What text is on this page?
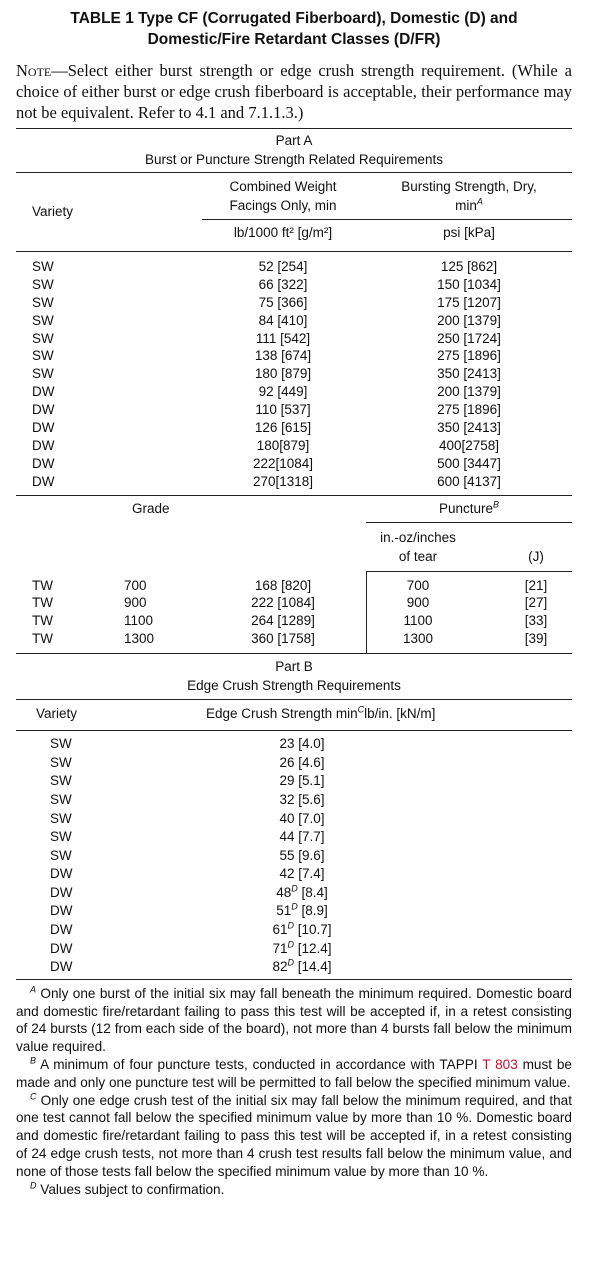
TABLE 1 Type CF (Corrugated Fiberboard), Domestic (D) and
Domestic/Fire Retardant Classes (D/FR)
Note—Select either burst strength or edge crush strength requirement. (While a choice of either burst or edge crush fiberboard is acceptable, their performance may not be equivalent. Refer to 4.1 and 7.1.1.3.)
Part A
Burst or Puncture Strength Related Requirements
Variety
Combined Weight
Facings Only, min
Bursting Strength, Dry,
$\min^A$
lb/1000 ft² [g/m²]	psi [kPa]
SW	52 [254]	125 [862]
SW	66 [322]	150 [1034]
SW	75 [366]	175 [1207]
SW	84 [410]	200 [1379]
SW	111 [542]	250 [1724]
SW	138 [674]	275 [1896]
SW	180 [879]	350 [2413]
DW	92 [449]	200 [1379]
DW	110 [537]	275 [1896]
DW	126 [615]	350 [2413]
DW	180[879]	400[2758]
DW	222[1084]	500 [3447]
DW	270[1318]	600 [4137]
Grade	Puncture$^B$
in.-oz/inches
of tear	(J)
TW	700	168 [820]	700	[21]
TW	900	222 [1084]	900	[27]
TW	1100	264 [1289]	1100	[33]
TW	1300	360 [1758]	1300	[39]
Part B
Edge Crush Strength Requirements
Variety	Edge Crush Strength $\min^Clb/in$. [kN/m]
SW	23 [4.0]
SW	26 [4.6]
SW	29 [5.1]
SW	32 [5.6]
SW	40 [7.0]
SW	44 [7.7]
SW	55 [9.6]
DW	42 [7.4]
DW	$48^D$ [8.4]
DW	$51^D$ [8.9]
DW	$61^D$ [10.7]
DW	$71^D$ [12.4]
DW	$82^D$ [14.4]

$^A$ Only one burst of the initial six may fall beneath the minimum required. Domestic board and domestic fire/retardant failing to pass this test will be accepted if, in a retest consisting of 24 bursts (12 from each side of the board), not more than 4 bursts fall below the minimum value required.

$^B$ A minimum of four puncture tests, conducted in accordance with TAPPI T 803 must be made and only one puncture test will be permitted to fall below the specified minimum value.

$^C$ Only one edge crush test of the initial six may fall below the minimum required, and that one test cannot fall below the specified minimum value by more than 10 %. Domestic board and domestic fire/retardant failing to pass this test will be accepted if, in a retest consisting of 24 edge crush tests, not more than 4 crush test results fall below the minimum value, and none of those tests fall below the specified minimum value by more than 10 %.

$^D$ Values subject to confirmation.
